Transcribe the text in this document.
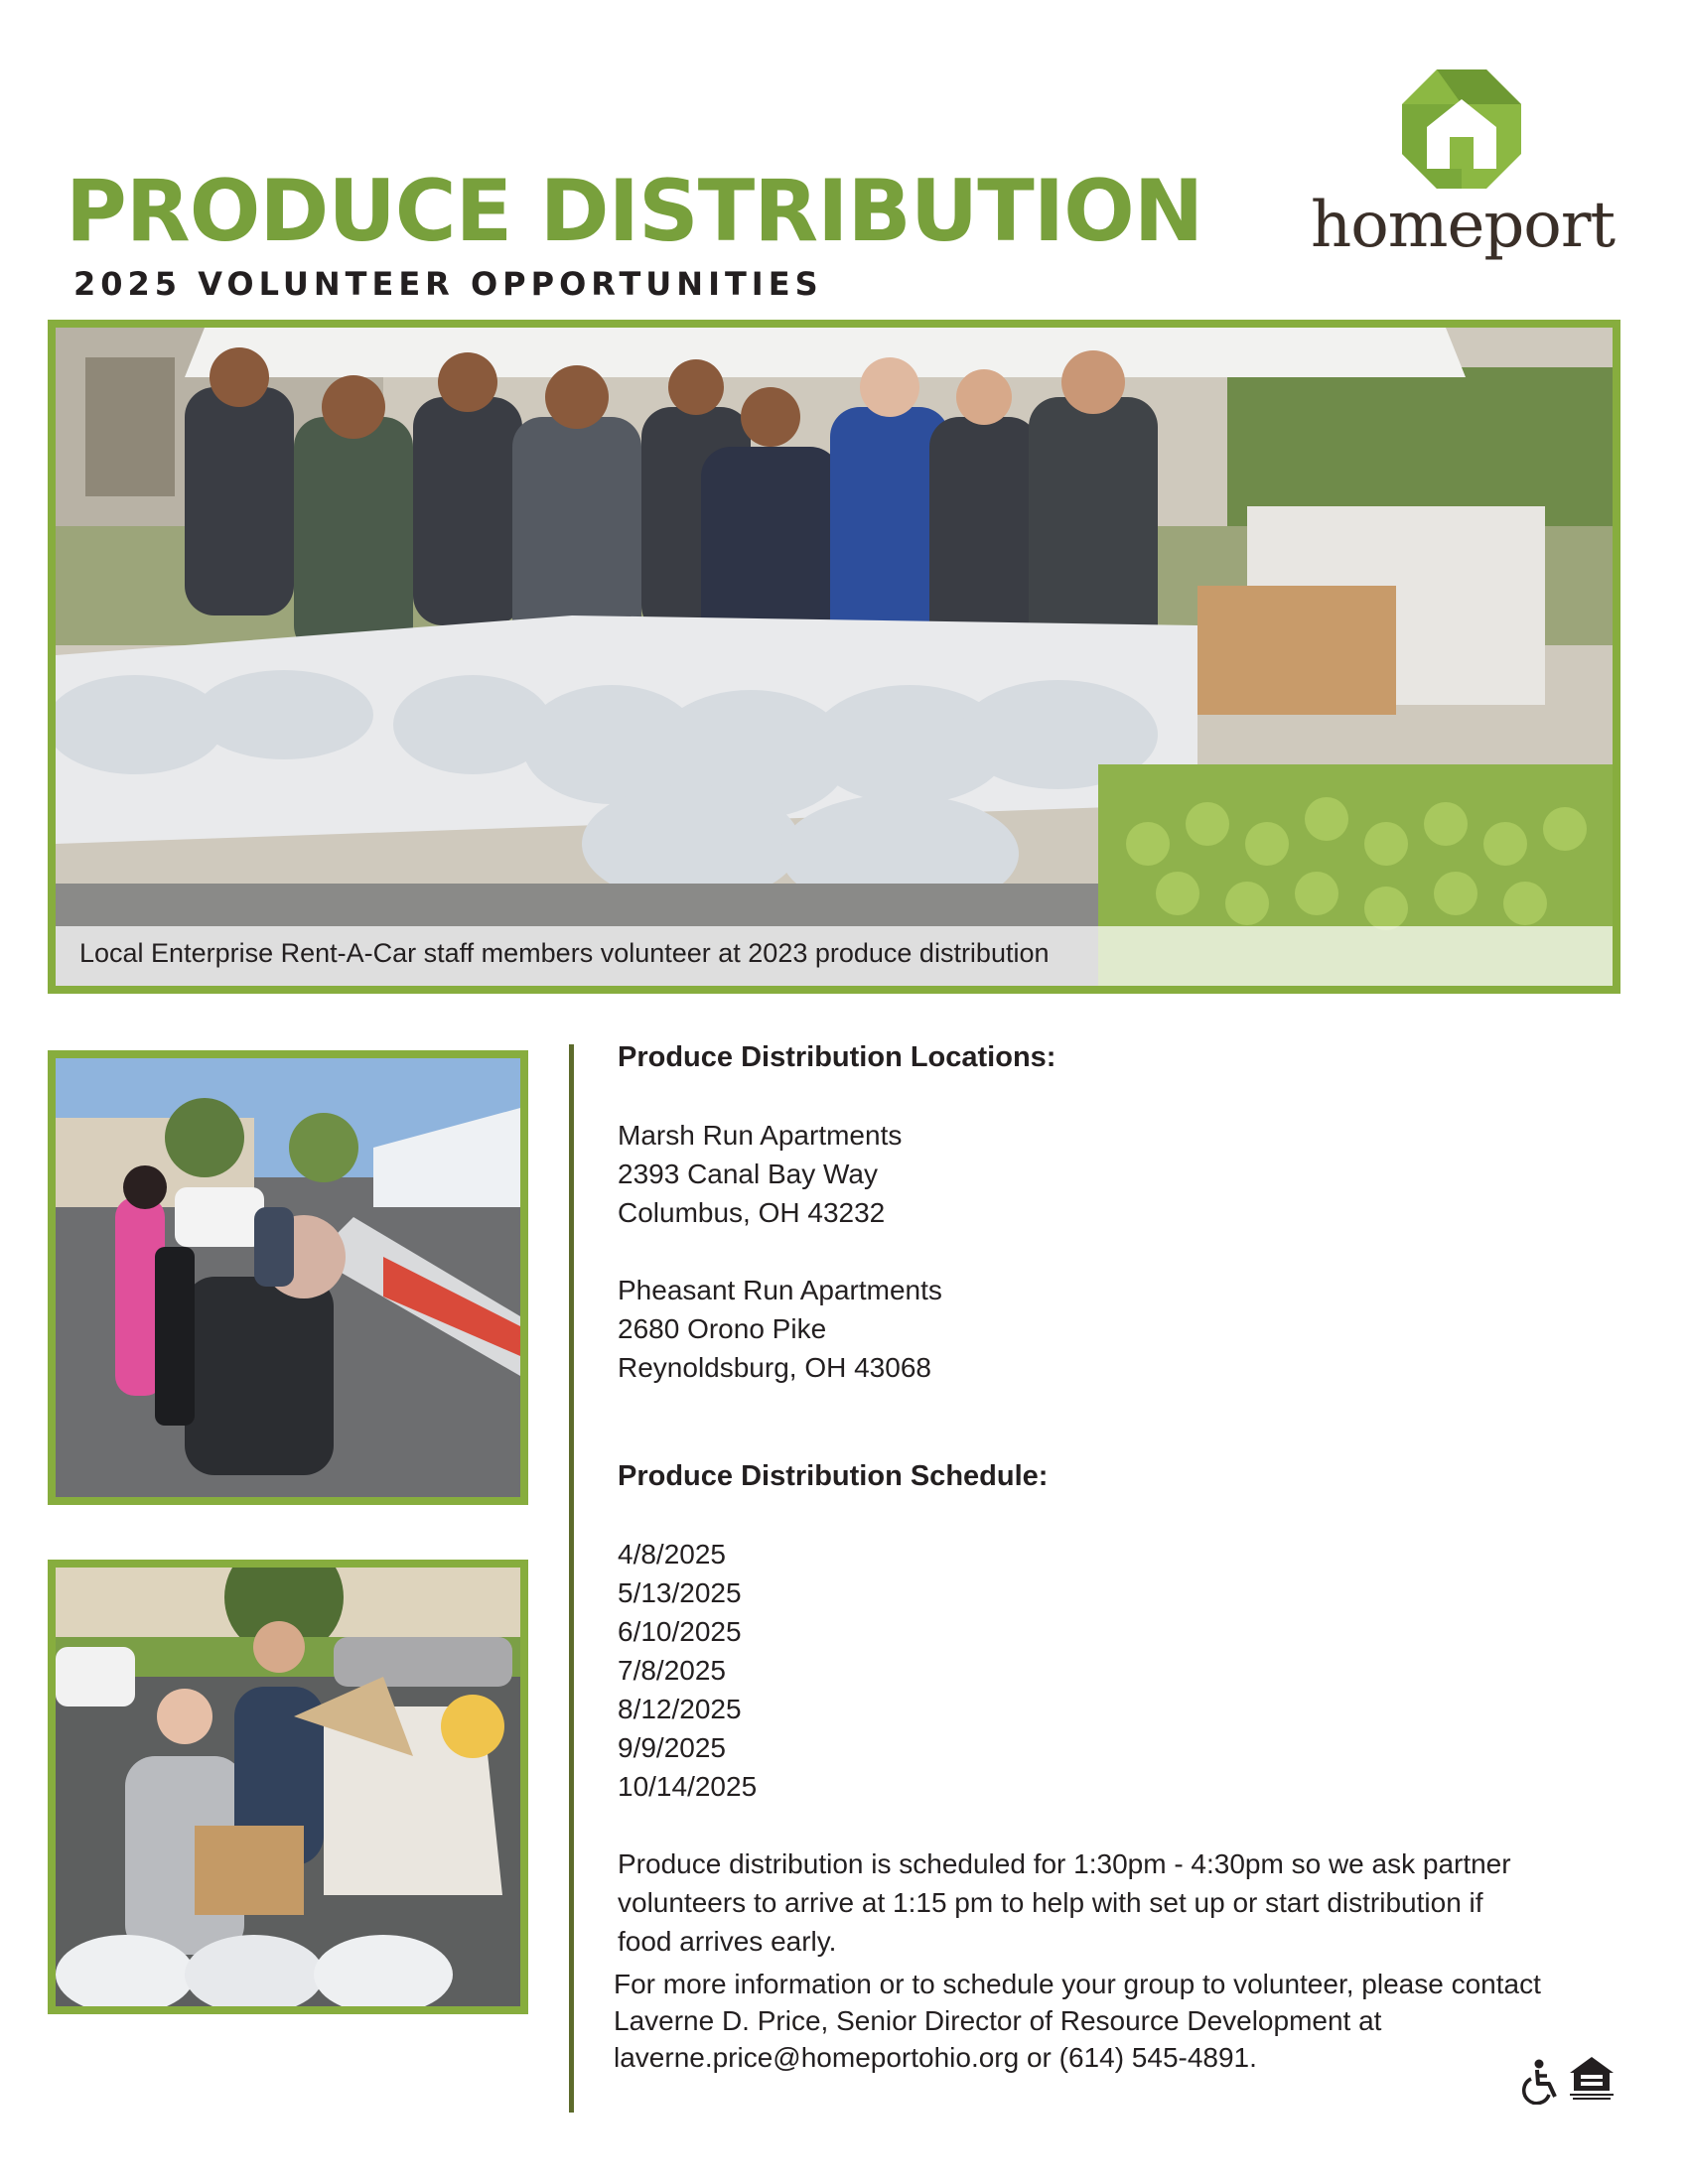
PRODUCE DISTRIBUTION
2025 VOLUNTEER OPPORTUNITIES
homeport
Local Enterprise Rent-A-Car staff members volunteer at 2023 produce distribution

Produce Distribution Locations:

Marsh Run Apartments
2393 Canal Bay Way
Columbus, OH 43232
Pheasant Run Apartments
2680 Orono Pike
Reynoldsburg, OH 43068

Produce Distribution Schedule:

4/8/2025
5/13/2025
6/10/2025
7/8/2025
8/12/2025
9/9/2025
10/14/2025

Produce distribution is scheduled for 1:30pm - 4:30pm so we ask partner volunteers to arrive at 1:15 pm to help with set up or start distribution if food arrives early.

For more information or to schedule your group to volunteer, please contact Laverne D. Price, Senior Director of Resource Development at laverne.price@homeportohio.org or (614) 545-4891.
